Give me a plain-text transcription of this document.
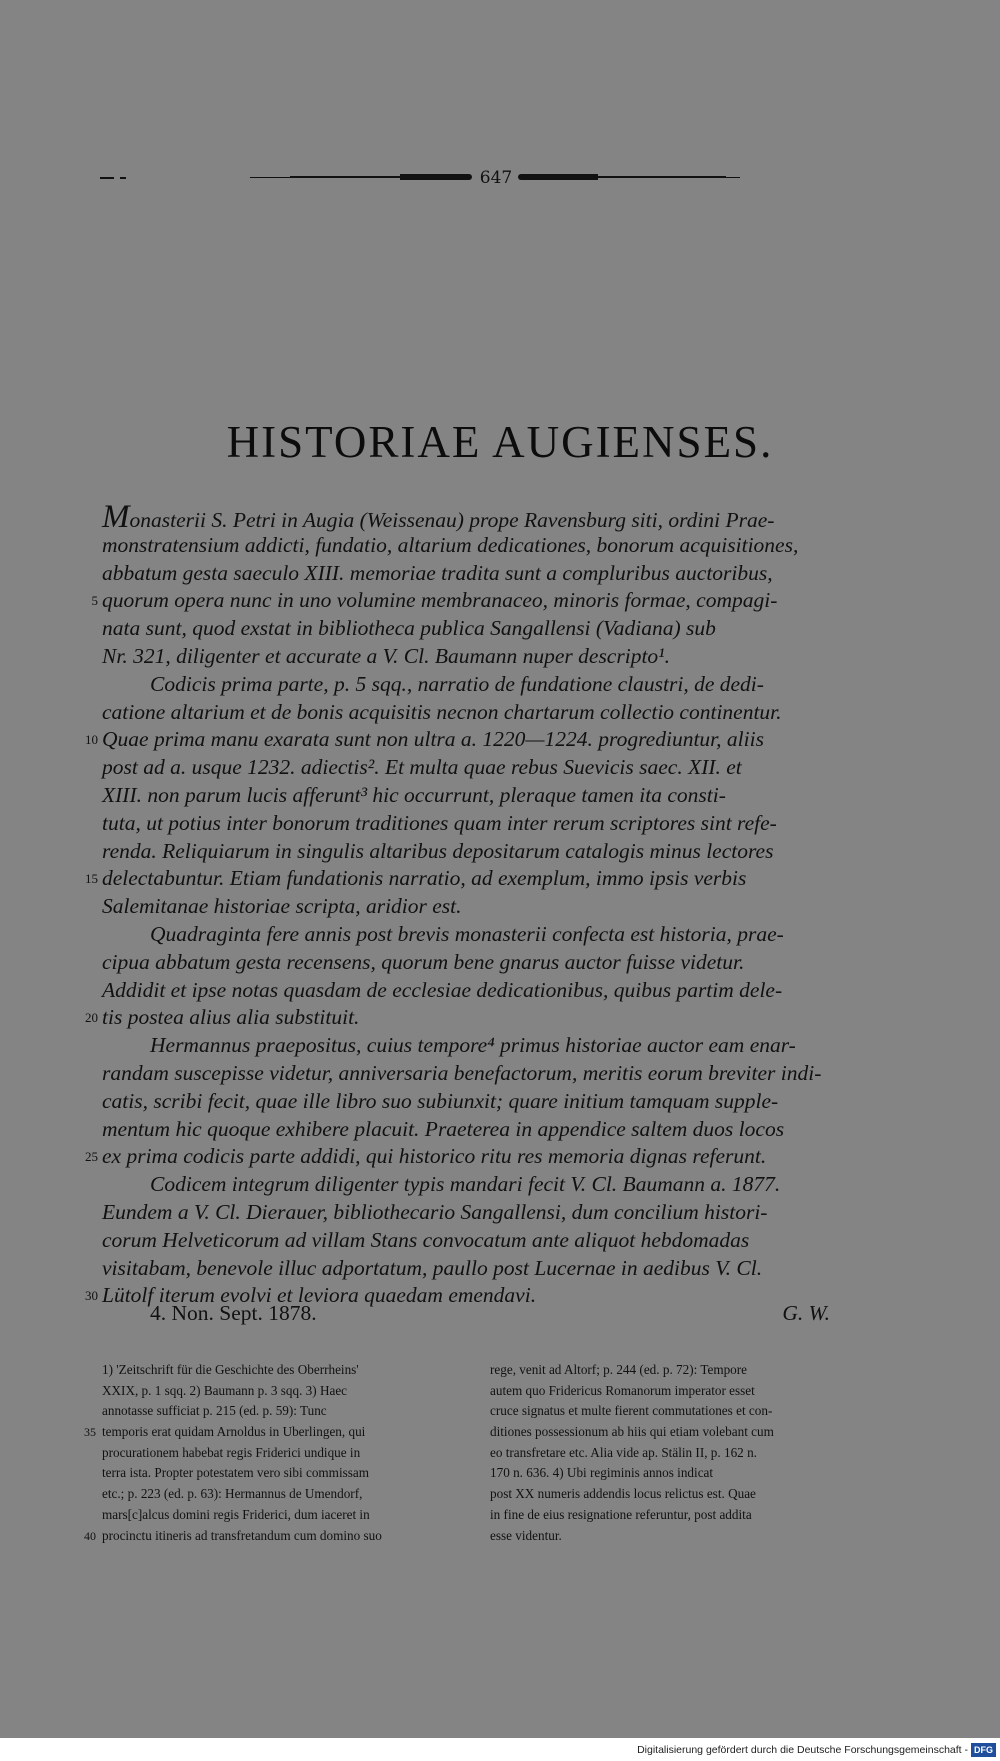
647
HISTORIAE AUGIENSES.
Monasterii S. Petri in Augia (Weissenau) prope Ravensburg siti, ordini Prae-
monstratensium addicti, fundatio, altarium dedicationes, bonorum acquisitiones,
abbatum gesta saeculo XIII. memoriae tradita sunt a compluribus auctoribus,
5 quorum opera nunc in uno volumine membranaceo, minoris formae, compagi-
nata sunt, quod exstat in bibliotheca publica Sangallensi (Vadiana) sub
Nr. 321, diligenter et accurate a V. Cl. Baumann nuper descripto¹.
Codicis prima parte, p. 5 sqq., narratio de fundatione claustri, de dedi-
catione altarium et de bonis acquisitis necnon chartarum collectio continentur.
10 Quae prima manu exarata sunt non ultra a. 1220—1224. progrediuntur, aliis
post ad a. usque 1232. adiectis². Et multa quae rebus Suevicis saec. XII. et
XIII. non parum lucis afferunt³ hic occurrunt, pleraque tamen ita consti-
tuta, ut potius inter bonorum traditiones quam inter rerum scriptores sint refe-
renda. Reliquiarum in singulis altaribus depositarum catalogis minus lectores
15 delectabuntur. Etiam fundationis narratio, ad exemplum, immo ipsis verbis
Salemitanae historiae scripta, aridior est.
Quadraginta fere annis post brevis monasterii confecta est historia, prae-
cipua abbatum gesta recensens, quorum bene gnarus auctor fuisse videtur.
Addidit et ipse notas quasdam de ecclesiae dedicationibus, quibus partim dele-
20 tis postea alius alia substituit.
Hermannus praepositus, cuius tempore⁴ primus historiae auctor eam enar-
randam suscepisse videtur, anniversaria benefactorum, meritis eorum breviter indi-
catis, scribi fecit, quae ille libro suo subiunxit; quare initium tamquam supple-
mentum hic quoque exhibere placuit. Praeterea in appendice saltem duos locos
25 ex prima codicis parte addidi, qui historico ritu res memoria dignas referunt.
Codicem integrum diligenter typis mandari fecit V. Cl. Baumann a. 1877.
Eundem a V. Cl. Dierauer, bibliothecario Sangallensi, dum concilium histori-
corum Helveticorum ad villam Stans convocatum ante aliquot hebdomadas
visitabam, benevole illuc adportatum, paullo post Lucernae in aedibus V. Cl.
30 Lütolf iterum evolvi et leviora quaedam emendavi.
4. Non. Sept. 1878.	G. W.
1) 'Zeitschrift für die Geschichte des Oberrheins'
XXIX, p. 1 sqq. 2) Baumann p. 3 sqq. 3) Haec
annotasse sufficiat p. 215 (ed. p. 59): Tunc
35 temporis erat quidam Arnoldus in Uberlingen, qui
procurationem habebat regis Friderici undique in
terra ista. Propter potestatem vero sibi commissam
etc.; p. 223 (ed. p. 63): Hermannus de Umendorf,
mars[c]alcus domini regis Friderici, dum iaceret in
40 procinctu itineris ad transfretandum cum domino suo
rege, venit ad Altorf; p. 244 (ed. p. 72): Tempore
autem quo Fridericus Romanorum imperator esset
cruce signatus et multe fierent commutationes et con-
ditiones possessionum ab hiis qui etiam volebant cum
eo transfretare etc. Alia vide ap. Stälin II, p. 162 n.
170 n. 636. 4) Ubi regiminis annos indicat
post XX numeris addendis locus relictus est. Quae
in fine de eius resignatione referuntur, post addita
esse videntur.
Digitalisierung gefördert durch die Deutsche Forschungsgemeinschaft - DFG
